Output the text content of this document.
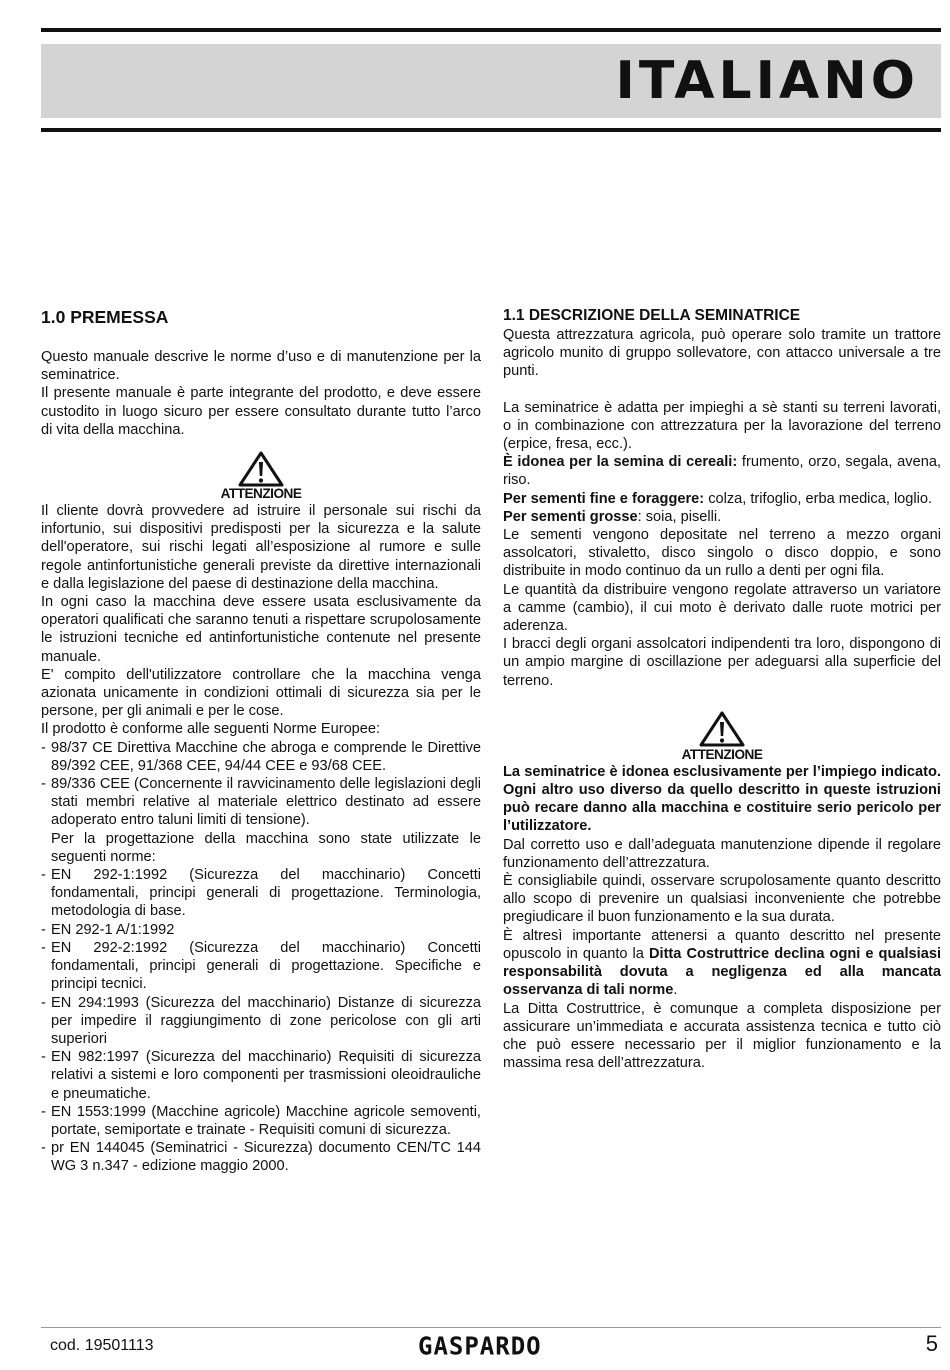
ITALIANO
1.0 PREMESSA

Questo manuale descrive le norme d’uso e di manutenzione per la seminatrice.

Il presente manuale è parte integrante del prodotto, e deve essere custodito in luogo sicuro per essere consultato durante tutto l’arco di vita della macchina.

ATTENZIONE

Il cliente dovrà provvedere ad istruire il personale sui rischi da infortunio, sui dispositivi predisposti per la sicurezza e la salute dell'operatore, sui rischi legati all’esposizione al rumore e sulle regole antinfortunistiche generali previste da direttive internazionali e dalla legislazione del paese di destinazione della macchina.

In ogni caso la macchina deve essere usata esclusivamente da operatori qualificati che saranno tenuti a rispettare scrupolosamente le istruzioni tecniche ed antinfortunistiche contenute nel presente manuale.

E' compito dell'utilizzatore controllare che la macchina venga azionata unicamente in condizioni ottimali di sicurezza sia per le persone, per gli animali e per le cose.

Il prodotto è conforme alle seguenti Norme Europee:

- 98/37 CE Direttiva Macchine che abroga e comprende le Direttive 89/392 CEE, 91/368 CEE, 94/44 CEE e 93/68 CEE.
- 89/336 CEE (Concernente il ravvicinamento delle legislazioni degli stati membri relative al materiale elettrico destinato ad essere adoperato entro taluni limiti di tensione).
Per la progettazione della macchina sono state utilizzate le seguenti norme:
- EN 292-1:1992 (Sicurezza del macchinario) Concetti fondamentali, principi generali di progettazione. Terminologia, metodologia di base.
- EN 292-1 A/1:1992
- EN 292-2:1992 (Sicurezza del macchinario) Concetti fondamentali, principi generali di progettazione. Specifiche e principi tecnici.
- EN 294:1993 (Sicurezza del macchinario) Distanze di sicurezza per impedire il raggiungimento di zone pericolose con gli arti superiori
- EN 982:1997 (Sicurezza del macchinario) Requisiti di sicurezza relativi a sistemi e loro componenti per trasmissioni oleoidrauliche e pneumatiche.
- EN 1553:1999 (Macchine agricole) Macchine agricole semoventi, portate, semiportate e trainate - Requisiti comuni di sicurezza.
- pr EN 144045 (Seminatrici - Sicurezza) documento CEN/TC 144 WG 3 n.347 - edizione maggio 2000.
1.1 DESCRIZIONE DELLA SEMINATRICE

Questa attrezzatura agricola, può operare solo tramite un trattore agricolo munito di gruppo sollevatore, con attacco universale a tre punti.

La seminatrice è adatta per impieghi a sè stanti su terreni lavorati, o in combinazione con attrezzatura per la lavorazione del terreno (erpice, fresa, ecc.).

È idonea per la semina di cereali: frumento, orzo, segala, avena, riso.

Per sementi fine e foraggere: colza, trifoglio, erba medica, loglio.

Per sementi grosse: soia, piselli.

Le sementi vengono depositate nel terreno a mezzo organi assolcatori, stivaletto, disco singolo o disco doppio, e sono distribuite in modo continuo da un rullo a denti per ogni fila.

Le quantità da distribuire vengono regolate attraverso un variatore a camme (cambio), il cui moto è derivato dalle ruote motrici per aderenza.

I bracci degli organi assolcatori indipendenti tra loro, dispongono di un ampio margine di oscillazione per adeguarsi alla superficie del terreno.

ATTENZIONE

La seminatrice è idonea esclusivamente per l’impiego indicato. Ogni altro uso diverso da quello descritto in queste istruzioni può recare danno alla macchina e costituire serio pericolo per l’utilizzatore.

Dal corretto uso e dall’adeguata manutenzione dipende il regolare funzionamento dell’attrezzatura.

È consigliabile quindi, osservare scrupolosamente quanto descritto allo scopo di prevenire un qualsiasi inconveniente che potrebbe pregiudicare il buon funzionamento e la sua durata.

È altresì importante attenersi a quanto descritto nel presente opuscolo in quanto la Ditta Costruttrice declina ogni e qualsiasi responsabilità dovuta a negligenza ed alla mancata osservanza di tali norme.

La Ditta Costruttrice, è comunque a completa disposizione per assicurare un’immediata e accurata assistenza tecnica e tutto ciò che può essere necessario per il miglior funzionamento e la massima resa dell’attrezzatura.

cod. 19501113	GASPARDO	5
